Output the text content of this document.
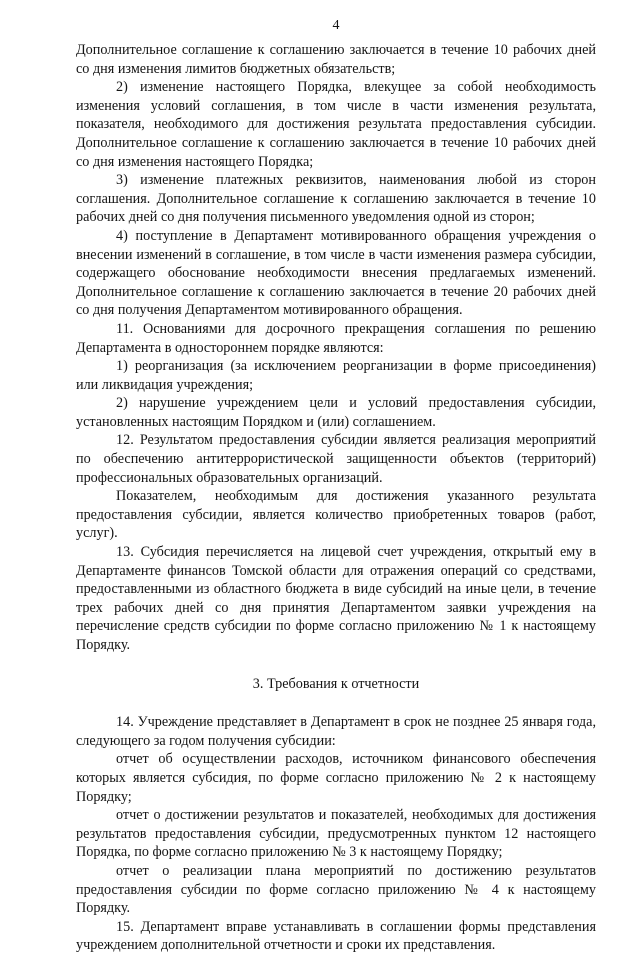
4

Дополнительное соглашение к соглашению заключается в течение 10 рабочих дней со дня изменения лимитов бюджетных обязательств;

2) изменение настоящего Порядка, влекущее за собой необходимость изменения условий соглашения, в том числе в части изменения результата, показателя, необходимого для достижения результата предоставления субсидии. Дополнительное соглашение к соглашению заключается в течение 10 рабочих дней со дня изменения настоящего Порядка;

3) изменение платежных реквизитов, наименования любой из сторон соглашения. Дополнительное соглашение к соглашению заключается в течение 10 рабочих дней со дня получения письменного уведомления одной из сторон;

4) поступление в Департамент мотивированного обращения учреждения о внесении изменений в соглашение, в том числе в части изменения размера субсидии, содержащего обоснование необходимости внесения предлагаемых изменений. Дополнительное соглашение к соглашению заключается в течение 20 рабочих дней со дня получения Департаментом мотивированного обращения.

11. Основаниями для досрочного прекращения соглашения по решению Департамента в одностороннем порядке являются:

1) реорганизация (за исключением реорганизации в форме присоединения) или ликвидация учреждения;

2) нарушение учреждением цели и условий предоставления субсидии, установленных настоящим Порядком и (или) соглашением.

12. Результатом предоставления субсидии является реализация мероприятий по обеспечению антитеррористической защищенности объектов (территорий) профессиональных образовательных организаций.

Показателем, необходимым для достижения указанного результата предоставления субсидии, является количество приобретенных товаров (работ, услуг).

13. Субсидия перечисляется на лицевой счет учреждения, открытый ему в Департаменте финансов Томской области для отражения операций со средствами, предоставленными из областного бюджета в виде субсидий на иные цели, в течение трех рабочих дней со дня принятия Департаментом заявки учреждения на перечисление средств субсидии по форме согласно приложению № 1 к настоящему Порядку.

3. Требования к отчетности

14. Учреждение представляет в Департамент в срок не позднее 25 января года, следующего за годом получения субсидии:

отчет об осуществлении расходов, источником финансового обеспечения которых является субсидия, по форме согласно приложению № 2 к настоящему Порядку;

отчет о достижении результатов и показателей, необходимых для достижения результатов предоставления субсидии, предусмотренных пунктом 12 настоящего Порядка, по форме согласно приложению № 3 к настоящему Порядку;

отчет о реализации плана мероприятий по достижению результатов предоставления субсидии по форме согласно приложению № 4 к настоящему Порядку.

15. Департамент вправе устанавливать в соглашении формы представления учреждением дополнительной отчетности и сроки их представления.
